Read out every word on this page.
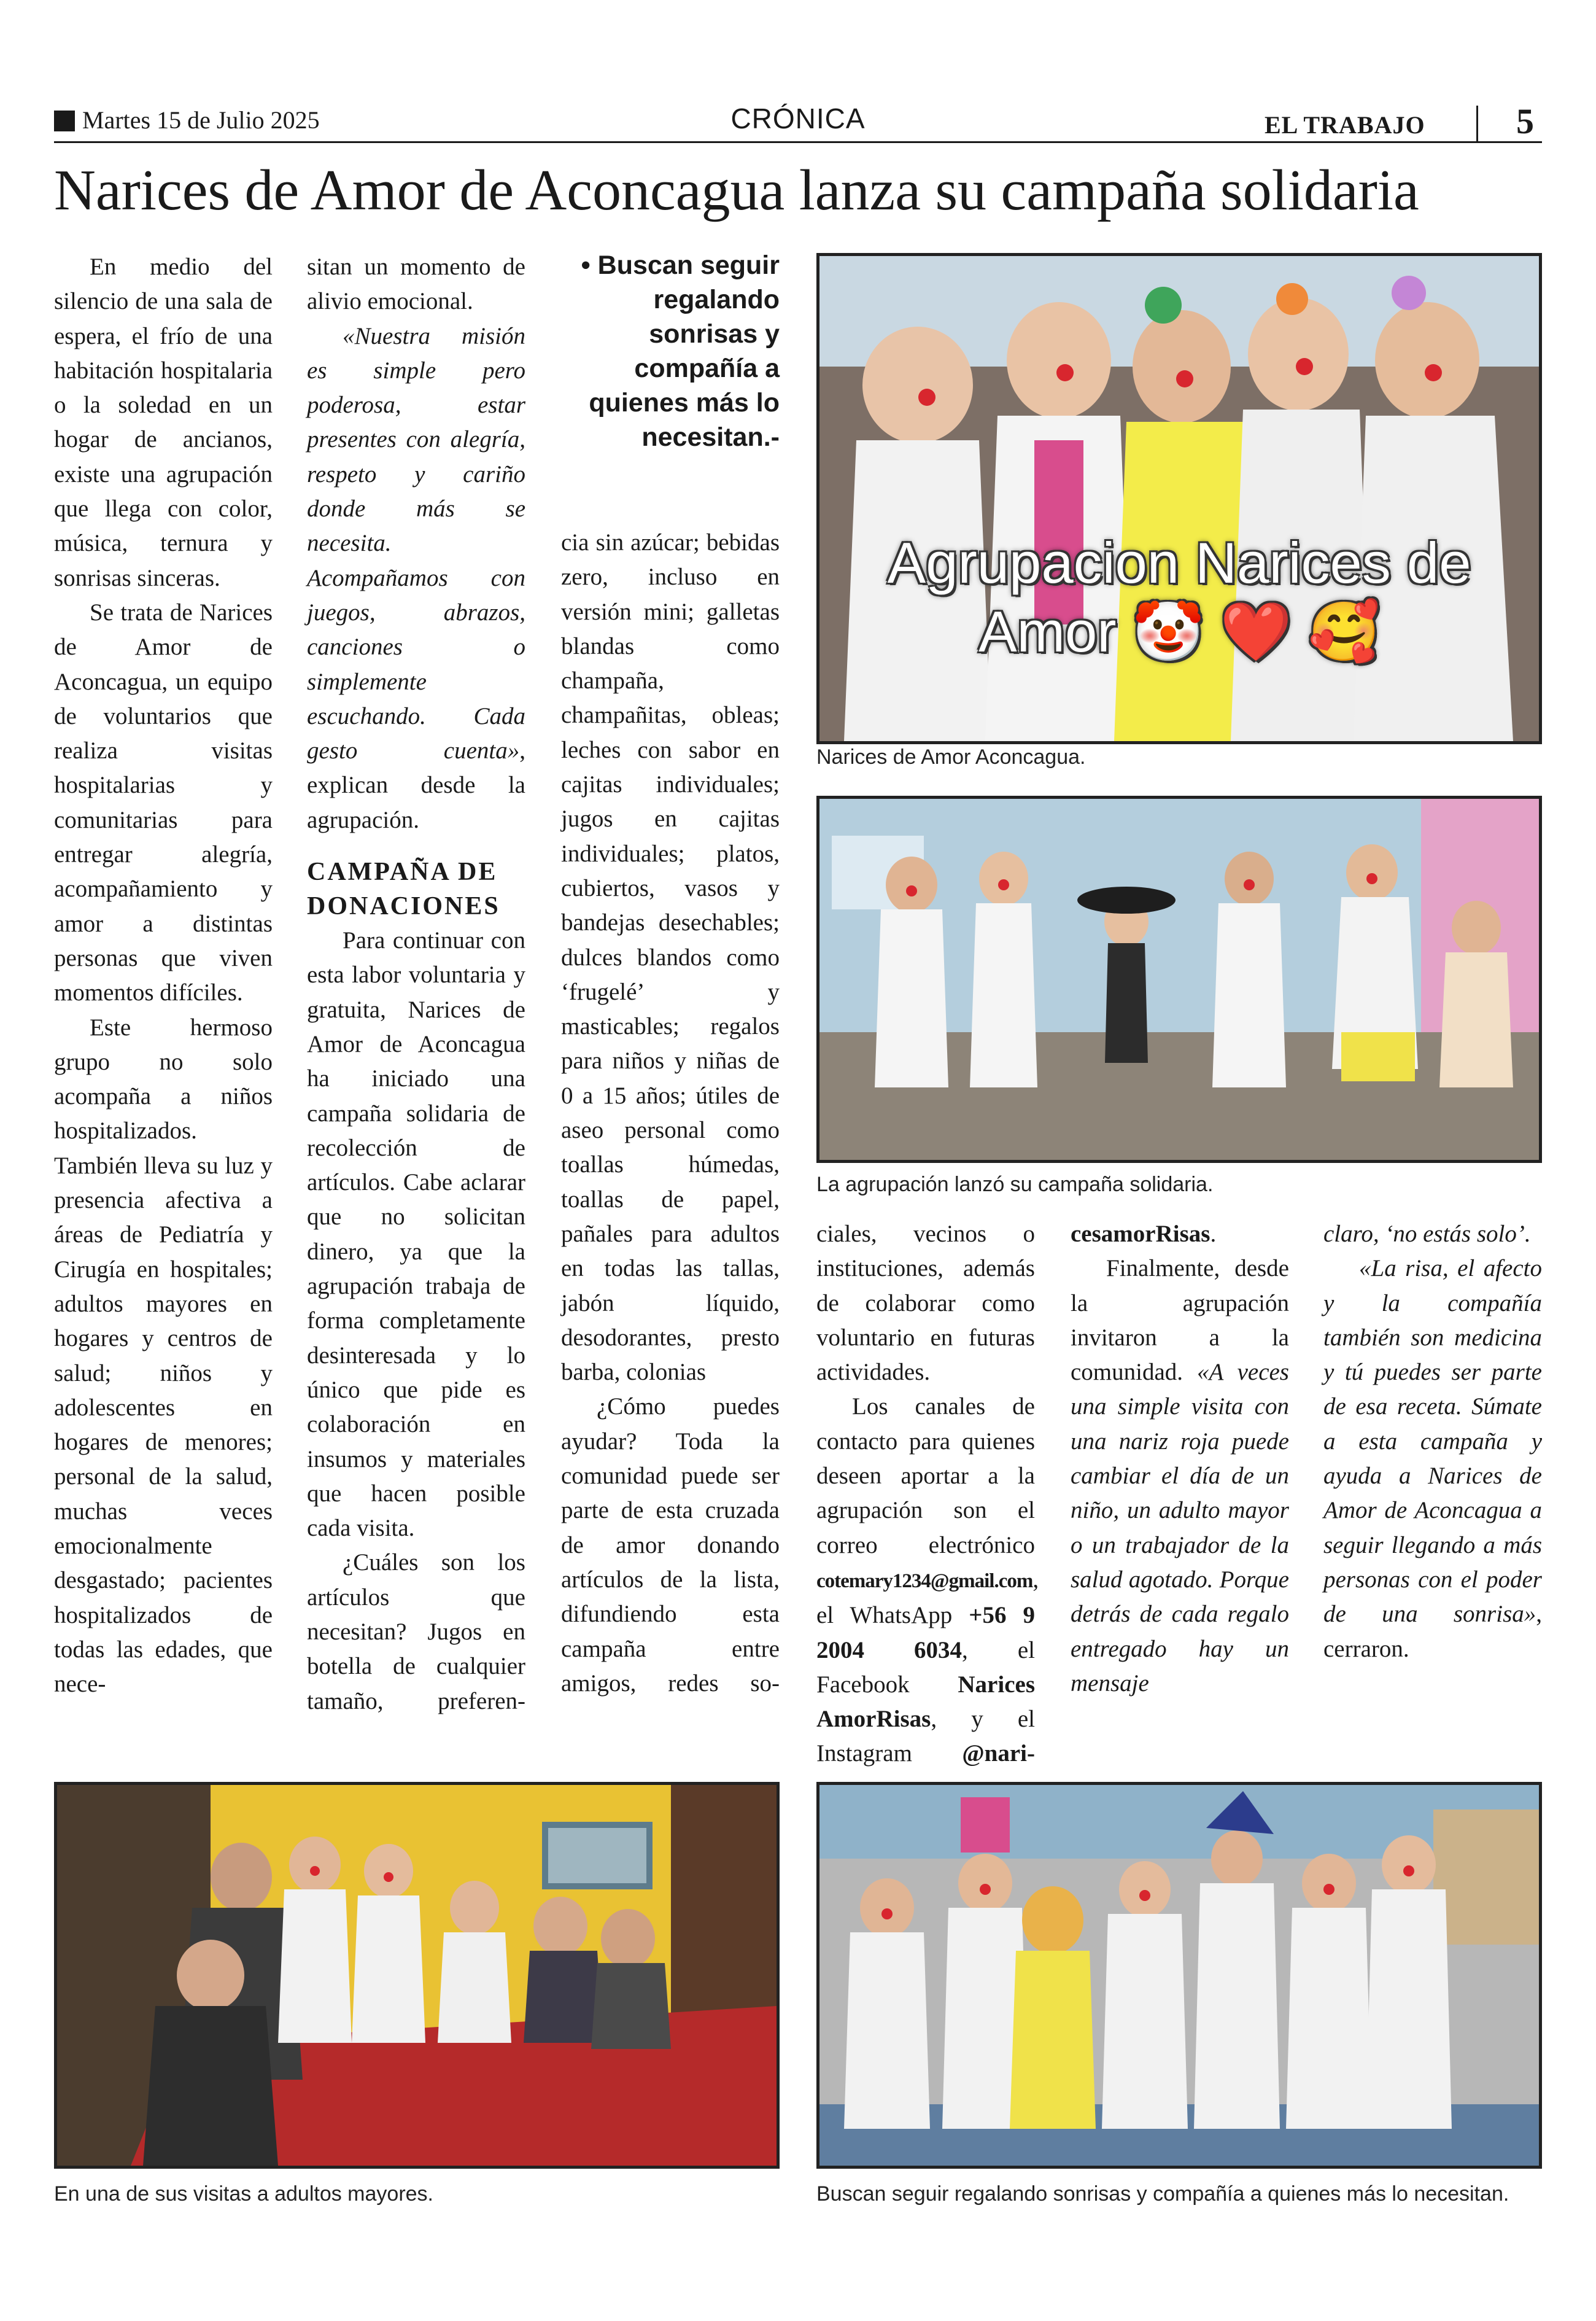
Martes 15 de Julio 2025	CRÓNICA	EL TRABAJO	5
Narices de Amor de Aconcagua lanza su campaña solidaria

En medio del silencio de una sala de espera, el frío de una habitación hospitalaria o la soledad en un hogar de ancianos, existe una agrupación que llega con color, música, ternura y sonrisas sinceras.

Se trata de Narices de Amor de Aconcagua, un equipo de voluntarios que realiza visitas hospitalarias y comunitarias para entregar alegría, acompañamiento y amor a distintas personas que viven momentos difíciles.

Este hermoso grupo no solo acompaña a niños hospitalizados. También lleva su luz y presencia afectiva a áreas de Pediatría y Cirugía en hospitales; adultos mayores en hogares y centros de salud; niños y adolescentes en hogares de menores; personal de la salud, muchas veces emocionalmente desgastado; pacientes hospitalizados de todas las edades, que nece-

sitan un momento de alivio emocional.

«Nuestra misión es simple pero poderosa, estar presentes con alegría, respeto y cariño donde más se necesita. Acompañamos con juegos, abrazos, canciones o simplemente escuchando. Cada gesto cuenta», explican desde la agrupación.

CAMPAÑA DE DONACIONES

Para continuar con esta labor voluntaria y gratuita, Narices de Amor de Aconcagua ha iniciado una campaña solidaria de recolección de artículos. Cabe aclarar que no solicitan dinero, ya que la agrupación trabaja de forma completamente desinteresada y lo único que pide es colaboración en insumos y materiales que hacen posible cada visita.

¿Cuáles son los artículos que necesitan? Jugos en botella de cualquier tamaño, preferen-

• Buscan seguir regalando sonrisas y compañía a quienes más lo necesitan.-

cia sin azúcar; bebidas zero, incluso en versión mini; galletas blandas como champaña, champañitas, obleas; leches con sabor en cajitas individuales; jugos en cajitas individuales; platos, cubiertos, vasos y bandejas desechables; dulces blandos como ‘frugelé’ y masticables; regalos para niños y niñas de 0 a 15 años; útiles de aseo personal como toallas húmedas, toallas de papel, pañales para adultos en todas las tallas, jabón líquido, desodorantes, presto barba, colonias

¿Cómo puedes ayudar? Toda la comunidad puede ser parte de esta cruzada de amor donando artículos de la lista, difundiendo esta campaña entre amigos, redes so-

ciales, vecinos o instituciones, además de colaborar como voluntario en futuras actividades.

Los canales de contacto para quienes deseen aportar a la agrupación son el correo electrónico cotemary1234@gmail.com, el WhatsApp +56 9 2004 6034, el Facebook Narices AmorRisas, y el Instagram @nari-

cesamorRisas.

Finalmente, desde la agrupación invitaron a la comunidad. «A veces una simple visita con una nariz roja puede cambiar el día de un niño, un adulto mayor o un trabajador de la salud agotado. Porque detrás de cada regalo entregado hay un mensaje

claro, ‘no estás solo’.

«La risa, el afecto y la compañía también son medicina y tú puedes ser parte de esa receta. Súmate a esta campaña y ayuda a Narices de Amor de Aconcagua a seguir llegando a más personas con el poder de una sonrisa», cerraron.

Agrupacion Narices de
Amor 🤡 ❤️ 🥰
Narices de Amor Aconcagua.
La agrupación lanzó su campaña solidaria.
En una de sus visitas a adultos mayores.	Buscan seguir regalando sonrisas y compañía a quienes más lo necesitan.
